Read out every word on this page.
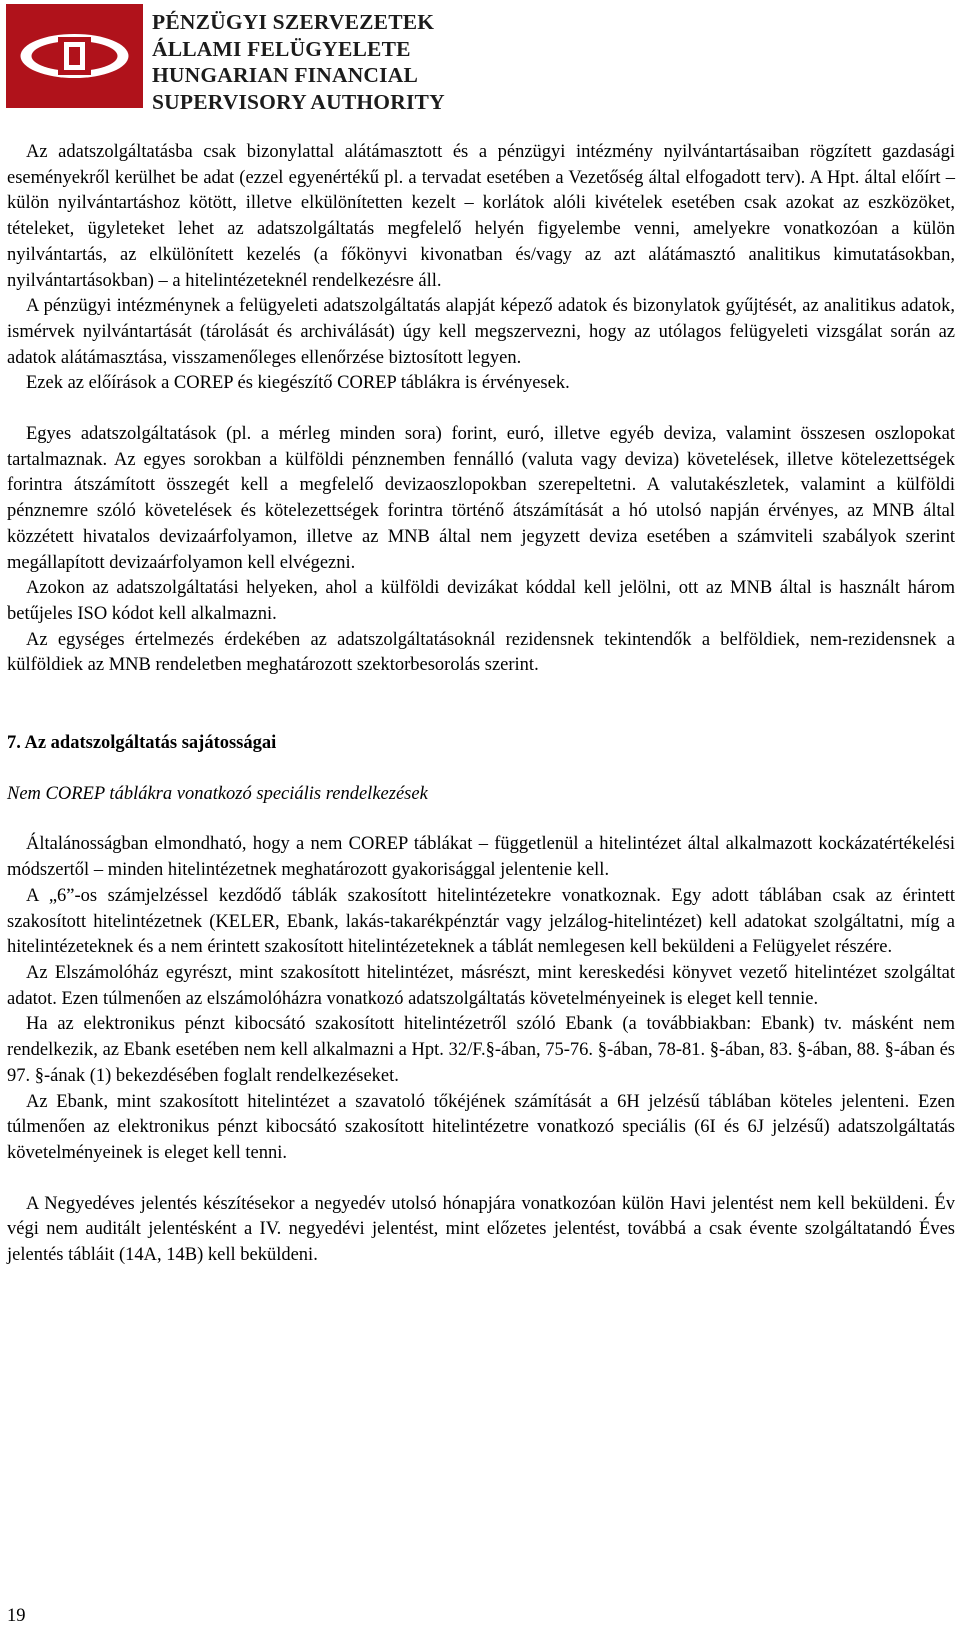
PÉNZÜGYI SZERVEZETEK
ÁLLAMI FELÜGYELETE
HUNGARIAN FINANCIAL
SUPERVISORY AUTHORITY

Az adatszolgáltatásba csak bizonylattal alátámasztott és a pénzügyi intézmény nyilvántartásaiban rögzített gazdasági eseményekről kerülhet be adat (ezzel egyenértékű pl. a tervadat esetében a Vezetőség által elfogadott terv). A Hpt. által előírt – külön nyilvántartáshoz kötött, illetve elkülönítetten kezelt – korlátok alóli kivételek esetében csak azokat az eszközöket, tételeket, ügyleteket lehet az adatszolgáltatás megfelelő helyén figyelembe venni, amelyekre vonatkozóan a külön nyilvántartás, az elkülönített kezelés (a főkönyvi kivonatban és/vagy az azt alátámasztó analitikus kimutatásokban, nyilvántartásokban) – a hitelintézeteknél rendelkezésre áll.

A pénzügyi intézménynek a felügyeleti adatszolgáltatás alapját képező adatok és bizonylatok gyűjtését, az analitikus adatok, ismérvek nyilvántartását (tárolását és archiválását) úgy kell megszervezni, hogy az utólagos felügyeleti vizsgálat során az adatok alátámasztása, visszamenőleges ellenőrzése biztosított legyen.

Ezek az előírások a COREP és kiegészítő COREP táblákra is érvényesek.

Egyes adatszolgáltatások (pl. a mérleg minden sora) forint, euró, illetve egyéb deviza, valamint összesen oszlopokat tartalmaznak. Az egyes sorokban a külföldi pénznemben fennálló (valuta vagy deviza) követelések, illetve kötelezettségek forintra átszámított összegét kell a megfelelő devizaoszlopokban szerepeltetni. A valutakészletek, valamint a külföldi pénznemre szóló követelések és kötelezettségek forintra történő átszámítását a hó utolsó napján érvényes, az MNB által közzétett hivatalos devizaárfolyamon, illetve az MNB által nem jegyzett deviza esetében a számviteli szabályok szerint megállapított devizaárfolyamon kell elvégezni.

Azokon az adatszolgáltatási helyeken, ahol a külföldi devizákat kóddal kell jelölni, ott az MNB által is használt három betűjeles ISO kódot kell alkalmazni.

Az egységes értelmezés érdekében az adatszolgáltatásoknál rezidensnek tekintendők a belföldiek, nem-rezidensnek a külföldiek az MNB rendeletben meghatározott szektorbesorolás szerint.

7. Az adatszolgáltatás sajátosságai

Nem COREP táblákra vonatkozó speciális rendelkezések

Általánosságban elmondható, hogy a nem COREP táblákat – függetlenül a hitelintézet által alkalmazott kockázatértékelési módszertől – minden hitelintézetnek meghatározott gyakorisággal jelentenie kell.

A „6”-os számjelzéssel kezdődő táblák szakosított hitelintézetekre vonatkoznak. Egy adott táblában csak az érintett szakosított hitelintézetnek (KELER, Ebank, lakás-takarékpénztár vagy jelzálog-hitelintézet) kell adatokat szolgáltatni, míg a hitelintézeteknek és a nem érintett szakosított hitelintézeteknek a táblát nemlegesen kell beküldeni a Felügyelet részére.

Az Elszámolóház egyrészt, mint szakosított hitelintézet, másrészt, mint kereskedési könyvet vezető hitelintézet szolgáltat adatot. Ezen túlmenően az elszámolóházra vonatkozó adatszolgáltatás követelményeinek is eleget kell tennie.

Ha az elektronikus pénzt kibocsátó szakosított hitelintézetről szóló Ebank (a továbbiakban: Ebank) tv. másként nem rendelkezik, az Ebank esetében nem kell alkalmazni a Hpt. 32/F.§-ában, 75-76. §-ában, 78-81. §-ában, 83. §-ában, 88. §-ában és 97. §-ának (1) bekezdésében foglalt rendelkezéseket.

Az Ebank, mint szakosított hitelintézet a szavatoló tőkéjének számítását a 6H jelzésű táblában köteles jelenteni. Ezen túlmenően az elektronikus pénzt kibocsátó szakosított hitelintézetre vonatkozó speciális (6I és 6J jelzésű) adatszolgáltatás követelményeinek is eleget kell tenni.

A Negyedéves jelentés készítésekor a negyedév utolsó hónapjára vonatkozóan külön Havi jelentést nem kell beküldeni. Év végi nem auditált jelentésként a IV. negyedévi jelentést, mint előzetes jelentést, továbbá a csak évente szolgáltatandó Éves jelentés tábláit (14A, 14B) kell beküldeni.

19
